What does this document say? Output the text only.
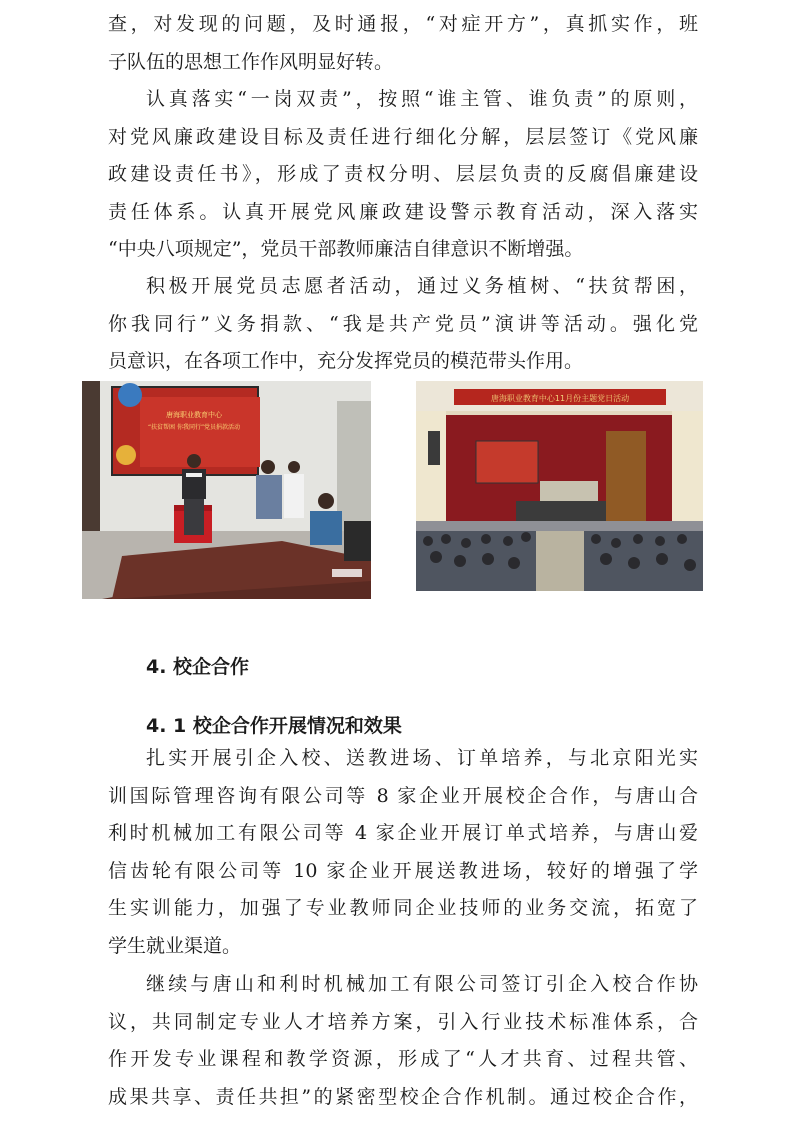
查，对发现的问题，及时通报，“对症开方”，真抓实作，班
子队伍的思想工作作风明显好转。
认真落实“一岗双责”，按照“谁主管、谁负责”的原则，
对党风廉政建设目标及责任进行细化分解，层层签订《党风廉
政建设责任书》，形成了责权分明、层层负责的反腐倡廉建设
责任体系。认真开展党风廉政建设警示教育活动，深入落实
“中央八项规定”，党员干部教师廉洁自律意识不断增强。
积极开展党员志愿者活动，通过义务植树、“扶贫帮困，
你我同行”义务捐款、“我是共产党员”演讲等活动。强化党
员意识，在各项工作中，充分发挥党员的模范带头作用。
唐海职业教育中心
“扶贫帮困 你我同行”党员捐款活动
唐海职业教育中心11月份主题党日活动
4. 校企合作
4. 1 校企合作开展情况和效果
扎实开展引企入校、送教进场、订单培养，与北京阳光实
训国际管理咨询有限公司等 8 家企业开展校企合作，与唐山合
利时机械加工有限公司等 4 家企业开展订单式培养，与唐山爱
信齿轮有限公司等 10 家企业开展送教进场，较好的增强了学
生实训能力，加强了专业教师同企业技师的业务交流，拓宽了
学生就业渠道。
继续与唐山和利时机械加工有限公司签订引企入校合作协
议，共同制定专业人才培养方案，引入行业技术标准体系，合
作开发专业课程和教学资源，形成了“人才共育、过程共管、
成果共享、责任共担”的紧密型校企合作机制。通过校企合作，
